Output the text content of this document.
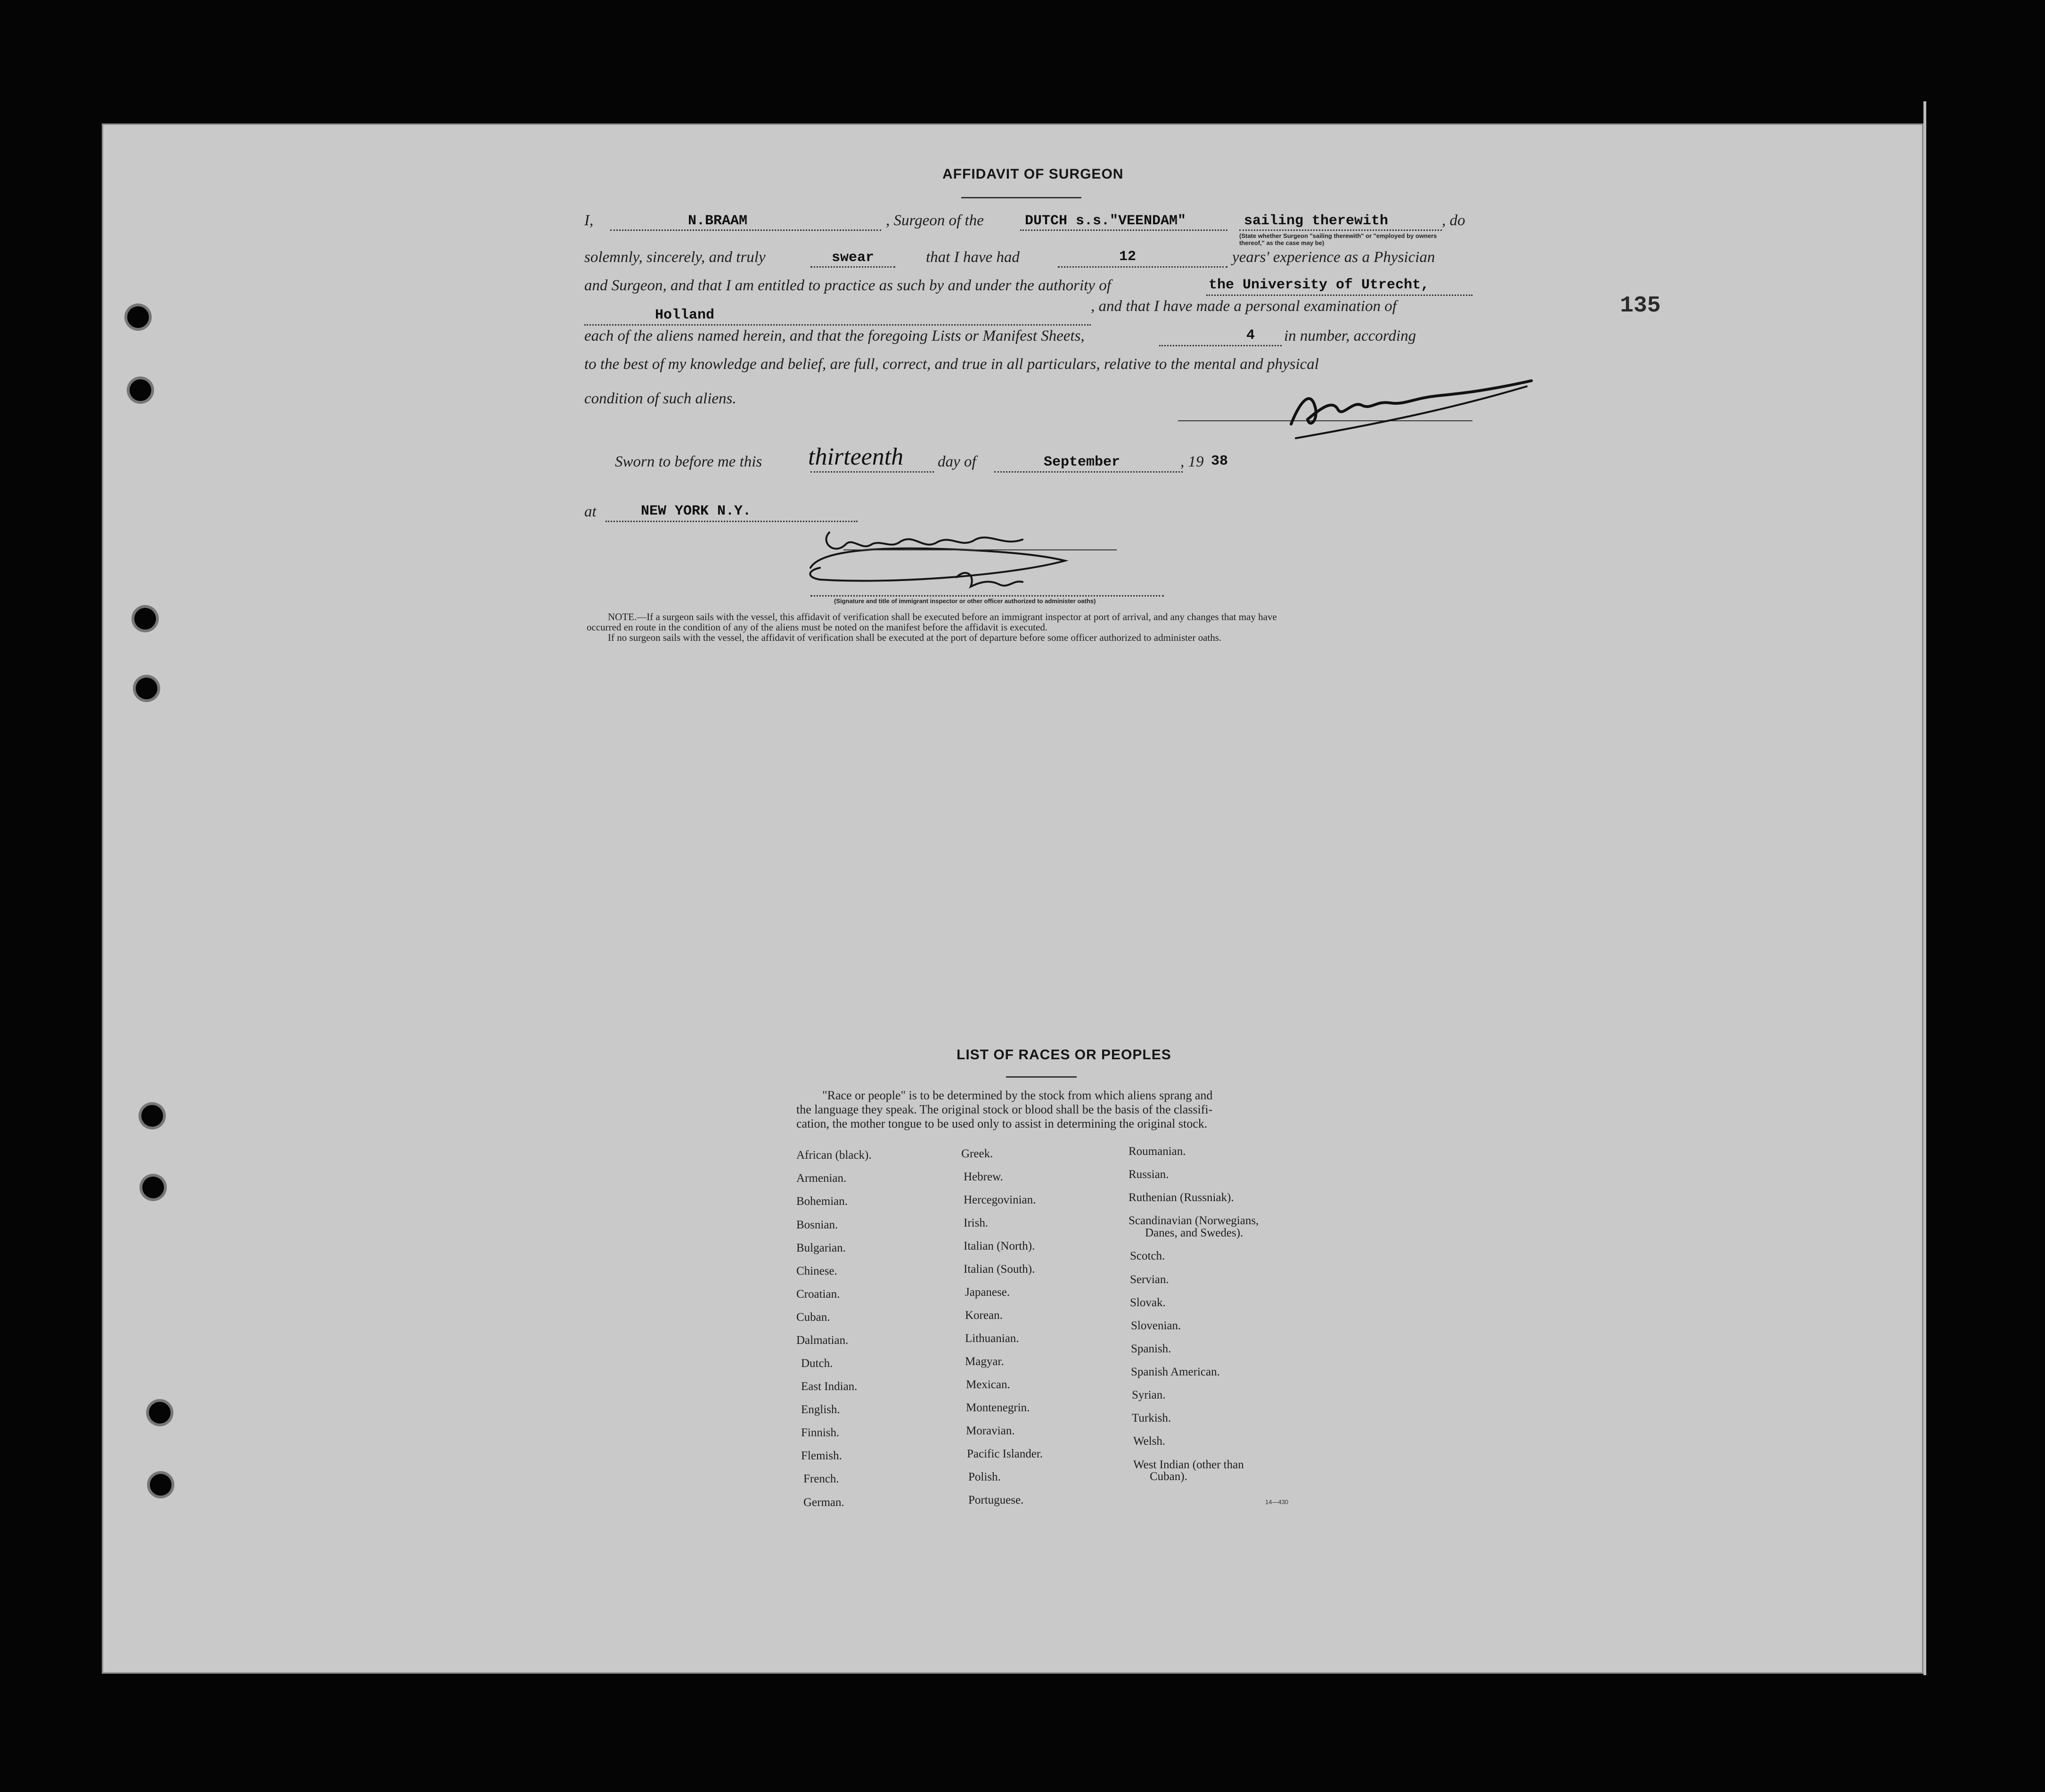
AFFIDAVIT OF SURGEON
I,	N.BRAAM	, Surgeon of the	DUTCH s.s."VEENDAM"	sailing therewith	, do
(State whether Surgeon "sailing therewith" or "employed by owners thereof," as the case may be)
solemnly, sincerely, and truly	swear	that I have had	12	years' experience as a Physician
and Surgeon, and that I am entitled to practice as such by and under the authority of	the University of Utrecht,
Holland
, and that I have made a personal examination of	135
each of the aliens named herein, and that the foregoing Lists or Manifest Sheets,	4 in number, according
to the best of my knowledge and belief, are full, correct, and true in all particulars, relative to the mental and physical
condition of such aliens.
Sworn to before me this thirteenth day of	September	, 19 38
at	NEW YORK N.Y.
(Signature and title of immigrant inspector or other officer authorized to administer oaths)
NOTE.—If a surgeon sails with the vessel, this affidavit of verification shall be executed before an immigrant inspector at port of arrival, and any changes that may have
occurred en route in the condition of any of the aliens must be noted on the manifest before the affidavit is executed.
If no surgeon sails with the vessel, the affidavit of verification shall be executed at the port of departure before some officer authorized to administer oaths.
LIST OF RACES OR PEOPLES
"Race or people" is to be determined by the stock from which aliens sprang and
the language they speak. The original stock or blood shall be the basis of the classifi-
cation, the mother tongue to be used only to assist in determining the original stock.
African (black).
Armenian.
Bohemian.
Bosnian.
Bulgarian.
Chinese.
Croatian.
Cuban.
Dalmatian.
Dutch.
East Indian.
English.
Finnish.
Flemish.
French.
German.
Greek.
Hebrew.
Hercegovinian.
Irish.
Italian (North).
Italian (South).
Japanese.
Korean.
Lithuanian.
Magyar.
Mexican.
Montenegrin.
Moravian.
Pacific Islander.
Polish.
Portuguese.
Roumanian.
Russian.
Ruthenian (Russniak).
Scandinavian (Norwegians,
Danes, and Swedes).
Scotch.
Servian.
Slovak.
Slovenian.
Spanish.
Spanish American.
Syrian.
Turkish.
Welsh.
West Indian (other than
Cuban).
14—430
